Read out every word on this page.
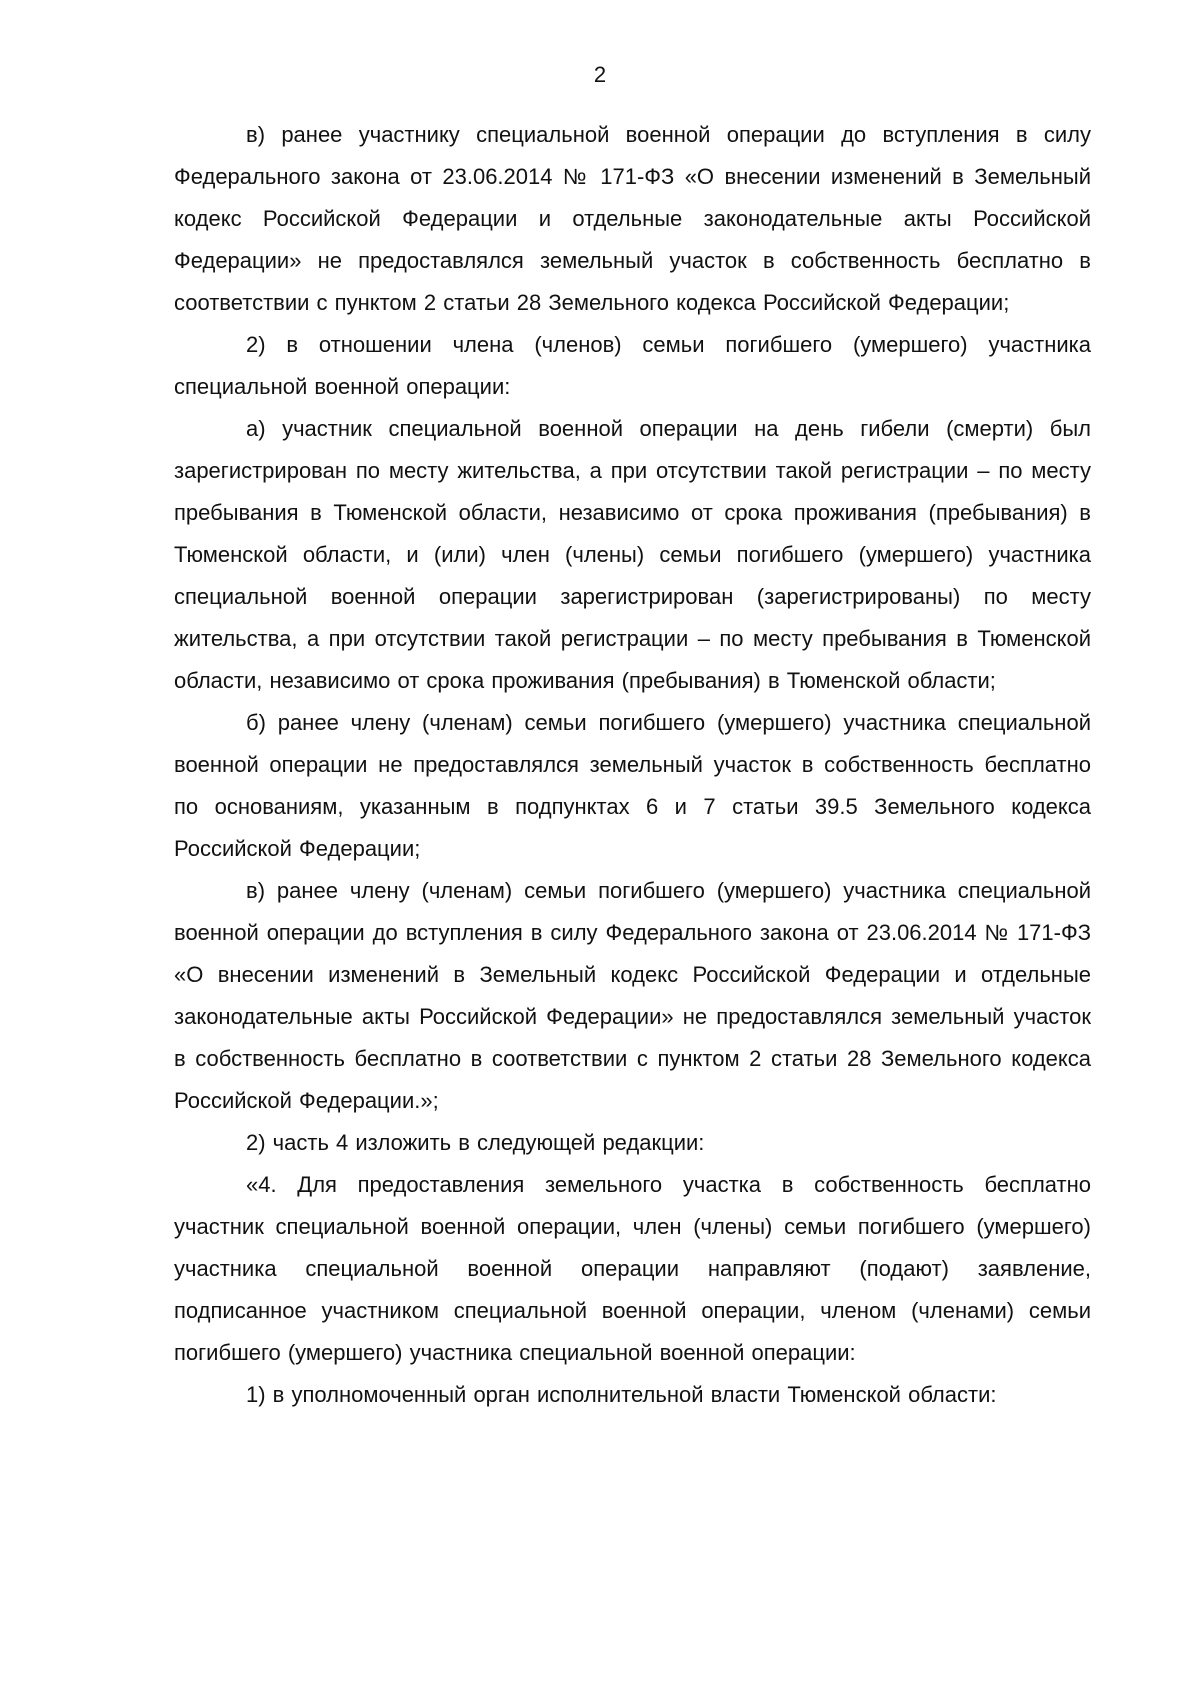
2

в) ранее участнику специальной военной операции до вступления в силу Федерального закона от 23.06.2014 № 171-ФЗ «О внесении изменений в Земельный кодекс Российской Федерации и отдельные законодательные акты Российской Федерации» не предоставлялся земельный участок в собственность бесплатно в соответствии с пунктом 2 статьи 28 Земельного кодекса Российской Федерации;

2) в отношении члена (членов) семьи погибшего (умершего) участника специальной военной операции:

а) участник специальной военной операции на день гибели (смерти) был зарегистрирован по месту жительства, а при отсутствии такой регистрации – по месту пребывания в Тюменской области, независимо от срока проживания (пребывания) в Тюменской области, и (или) член (члены) семьи погибшего (умершего) участника специальной военной операции зарегистрирован (зарегистрированы) по месту жительства, а при отсутствии такой регистрации – по месту пребывания в Тюменской области, независимо от срока проживания (пребывания) в Тюменской области;

б) ранее члену (членам) семьи погибшего (умершего) участника специальной военной операции не предоставлялся земельный участок в собственность бесплатно по основаниям, указанным в подпунктах 6 и 7 статьи 39.5 Земельного кодекса Российской Федерации;

в) ранее члену (членам) семьи погибшего (умершего) участника специальной военной операции до вступления в силу Федерального закона от 23.06.2014 № 171-ФЗ «О внесении изменений в Земельный кодекс Российской Федерации и отдельные законодательные акты Российской Федерации» не предоставлялся земельный участок в собственность бесплатно в соответствии с пунктом 2 статьи 28 Земельного кодекса Российской Федерации.»;

2) часть 4 изложить в следующей редакции:

«4. Для предоставления земельного участка в собственность бесплатно участник специальной военной операции, член (члены) семьи погибшего (умершего) участника специальной военной операции направляют (подают) заявление, подписанное участником специальной военной операции, членом (членами) семьи погибшего (умершего) участника специальной военной операции:

1) в уполномоченный орган исполнительной власти Тюменской области:
